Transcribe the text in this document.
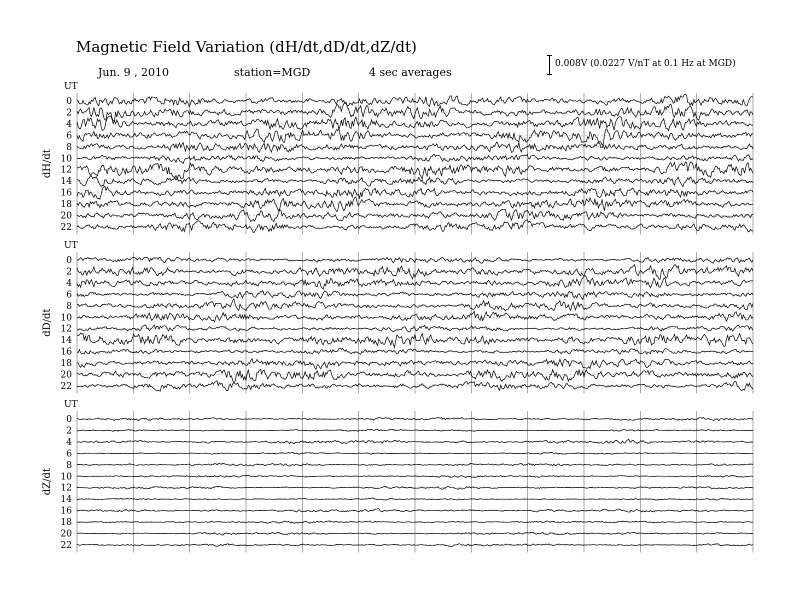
Magnetic Field Variation (dH/dt,dD/dt,dZ/dt)
Jun. 9 , 2010	station=MGD	4 sec averages
0.008V (0.0227 V/nT at 0.1 Hz at MGD)
UT
0
2
4
6
8
10
12
14
16
18
20
22
dH/dt
UT
0
2
4
6
8
10
12
14
16
18
20
22
dD/dt
UT
0
2
4
6
8
10
12
14
16
18
20
22
dZ/dt
